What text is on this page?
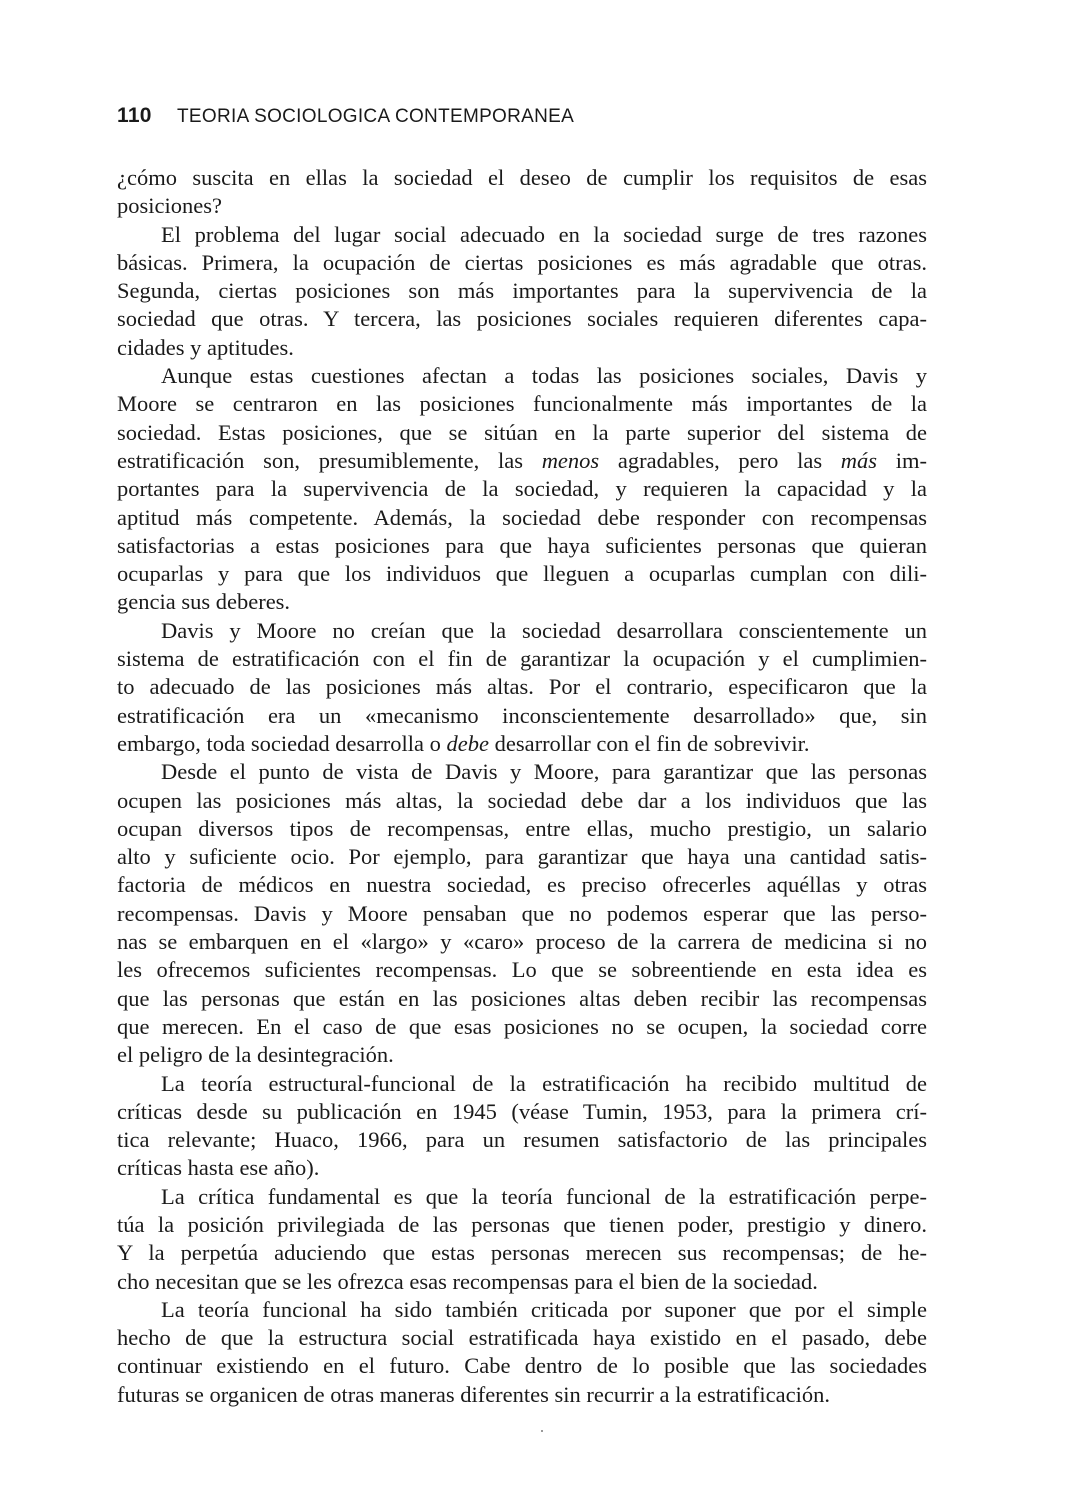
110 TEORIA SOCIOLOGICA CONTEMPORANEA
¿cómo suscita en ellas la sociedad el deseo de cumplir los requisitos de esas
posiciones?
El problema del lugar social adecuado en la sociedad surge de tres razones
básicas. Primera, la ocupación de ciertas posiciones es más agradable que otras.
Segunda, ciertas posiciones son más importantes para la supervivencia de la
sociedad que otras. Y tercera, las posiciones sociales requieren diferentes capa-
cidades y aptitudes.
Aunque estas cuestiones afectan a todas las posiciones sociales, Davis y
Moore se centraron en las posiciones funcionalmente más importantes de la
sociedad. Estas posiciones, que se sitúan en la parte superior del sistema de
estratificación son, presumiblemente, las menos agradables, pero las más im-
portantes para la supervivencia de la sociedad, y requieren la capacidad y la
aptitud más competente. Además, la sociedad debe responder con recompensas
satisfactorias a estas posiciones para que haya suficientes personas que quieran
ocuparlas y para que los individuos que lleguen a ocuparlas cumplan con dili-
gencia sus deberes.
Davis y Moore no creían que la sociedad desarrollara conscientemente un
sistema de estratificación con el fin de garantizar la ocupación y el cumplimien-
to adecuado de las posiciones más altas. Por el contrario, especificaron que la
estratificación era un «mecanismo inconscientemente desarrollado» que, sin
embargo, toda sociedad desarrolla o debe desarrollar con el fin de sobrevivir.
Desde el punto de vista de Davis y Moore, para garantizar que las personas
ocupen las posiciones más altas, la sociedad debe dar a los individuos que las
ocupan diversos tipos de recompensas, entre ellas, mucho prestigio, un salario
alto y suficiente ocio. Por ejemplo, para garantizar que haya una cantidad satis-
factoria de médicos en nuestra sociedad, es preciso ofrecerles aquéllas y otras
recompensas. Davis y Moore pensaban que no podemos esperar que las perso-
nas se embarquen en el «largo» y «caro» proceso de la carrera de medicina si no
les ofrecemos suficientes recompensas. Lo que se sobreentiende en esta idea es
que las personas que están en las posiciones altas deben recibir las recompensas
que merecen. En el caso de que esas posiciones no se ocupen, la sociedad corre
el peligro de la desintegración.
La teoría estructural-funcional de la estratificación ha recibido multitud de
críticas desde su publicación en 1945 (véase Tumin, 1953, para la primera crí-
tica relevante; Huaco, 1966, para un resumen satisfactorio de las principales
críticas hasta ese año).
La crítica fundamental es que la teoría funcional de la estratificación perpe-
túa la posición privilegiada de las personas que tienen poder, prestigio y dinero.
Y la perpetúa aduciendo que estas personas merecen sus recompensas; de he-
cho necesitan que se les ofrezca esas recompensas para el bien de la sociedad.
La teoría funcional ha sido también criticada por suponer que por el simple
hecho de que la estructura social estratificada haya existido en el pasado, debe
continuar existiendo en el futuro. Cabe dentro de lo posible que las sociedades
futuras se organicen de otras maneras diferentes sin recurrir a la estratificación.
